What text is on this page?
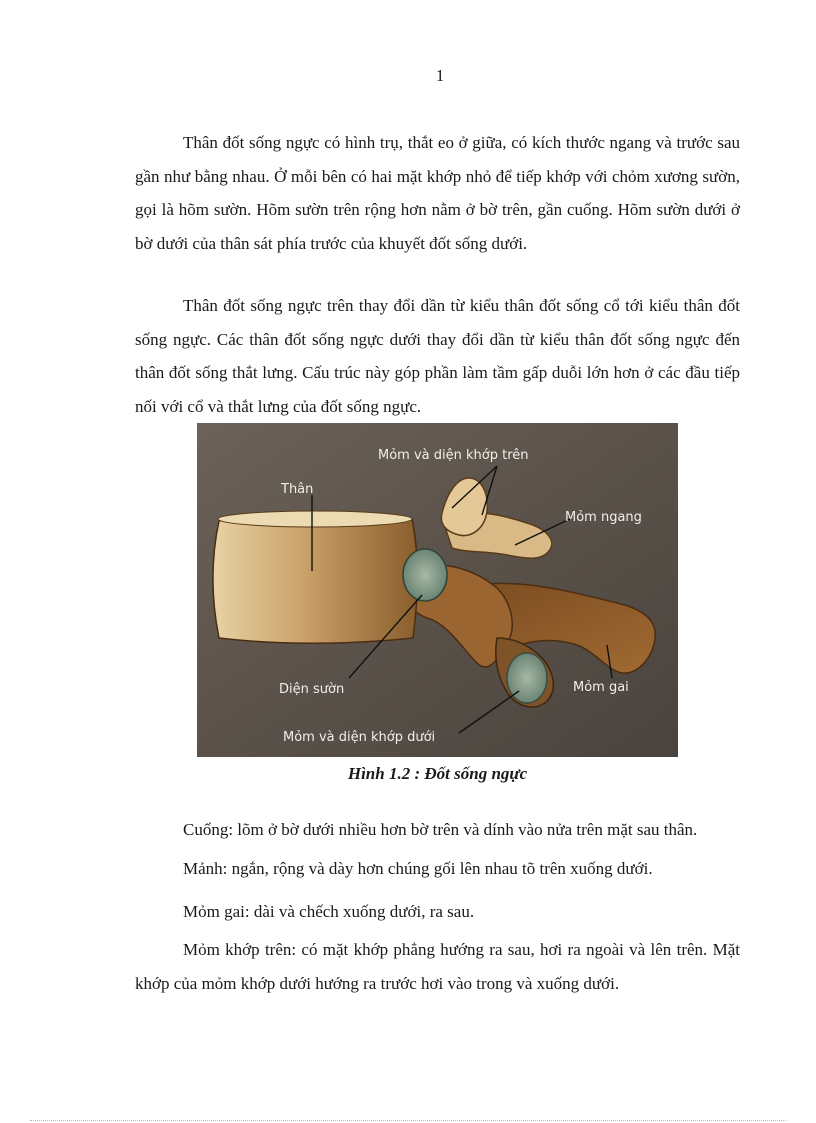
1

Thân đốt sống ngực có hình trụ, thắt eo ở giữa, có kích thước ngang và trước sau gần như bằng nhau. Ở mỗi bên có hai mặt khớp nhỏ để tiếp khớp với chỏm xương sườn, gọi là hõm sườn. Hõm sườn trên rộng hơn nằm ở bờ trên, gần cuống. Hõm sườn dưới ở bờ dưới của thân sát phía trước của khuyết đốt sống dưới.

Thân đốt sống ngực trên thay đổi dần từ kiểu thân đốt sống cổ tới kiểu thân đốt sống ngực. Các thân đốt sống ngực dưới thay đổi dần từ kiểu thân đốt sống ngực đến thân đốt sống thắt lưng. Cấu trúc này góp phần làm tầm gấp duỗi lớn hơn ở các đầu tiếp nối với cổ và thắt lưng của đốt sống ngực.

Mỏm và diện khớp trên
Thân
Mỏm ngang
Diện sườn	Mỏm gai
Mỏm và diện khớp dưới
Hình 1.2 : Đốt sống ngực

Cuống: lõm ở bờ dưới nhiều hơn bờ trên và dính vào nửa trên mặt sau thân.

Mảnh: ngắn, rộng và dày hơn chúng gối lên nhau tõ trên xuống dưới.

Mỏm gai: dài và chếch xuống dưới, ra sau.

Mỏm khớp trên: có mặt khớp phẳng hướng ra sau, hơi ra ngoài và lên trên. Mặt khớp của mỏm khớp dưới hướng ra trước hơi vào trong và xuống dưới.
